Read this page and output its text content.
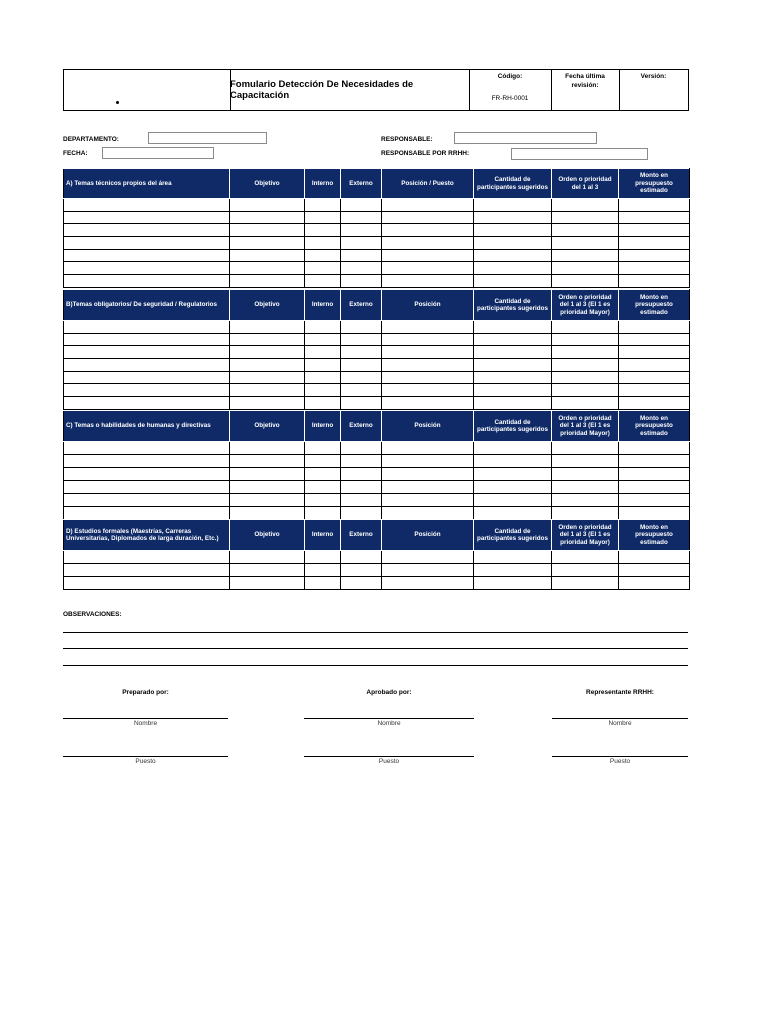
Fomulario Detección De Necesidades de Capacitación
Código:
FR-RH-0001
Fecha última revisión:
Versión:
DEPARTAMENTO:
FECHA:
RESPONSABLE:
RESPONSABLE POR RRHH:
A) Temas técnicos propios del área	Objetivo	Interno	Externo	Posición / Puesto	Cantidad de participantes sugeridos	Orden o prioridad del 1 al 3	Monto en presupuesto estimado

B)Temas obligatorios/ De seguridad / Regulatorios	Objetivo	Interno	Externo	Posición	Cantidad de participantes sugeridos	Orden o prioridad del 1 al 3 (El 1 es prioridad Mayor)	Monto en presupuesto estimado

C) Temas o habilidades de humanas y directivas	Objetivo	Interno	Externo	Posición	Cantidad de participantes sugeridos	Orden o prioridad del 1 al 3 (El 1 es prioridad Mayor)	Monto en presupuesto estimado

D) Estudios formales (Maestrías, Carreras Universitarias, Diplomados de larga duración, Etc.)	Objetivo	Interno	Externo	Posición	Cantidad de participantes sugeridos	Orden o prioridad del 1 al 3 (El 1 es prioridad Mayor)	Monto en presupuesto estimado

OBSERVACIONES:
Preparado por:
Nombre
Puesto
Aprobado por:
Nombre
Puesto
Representante RRHH:
Nombre
Puesto
